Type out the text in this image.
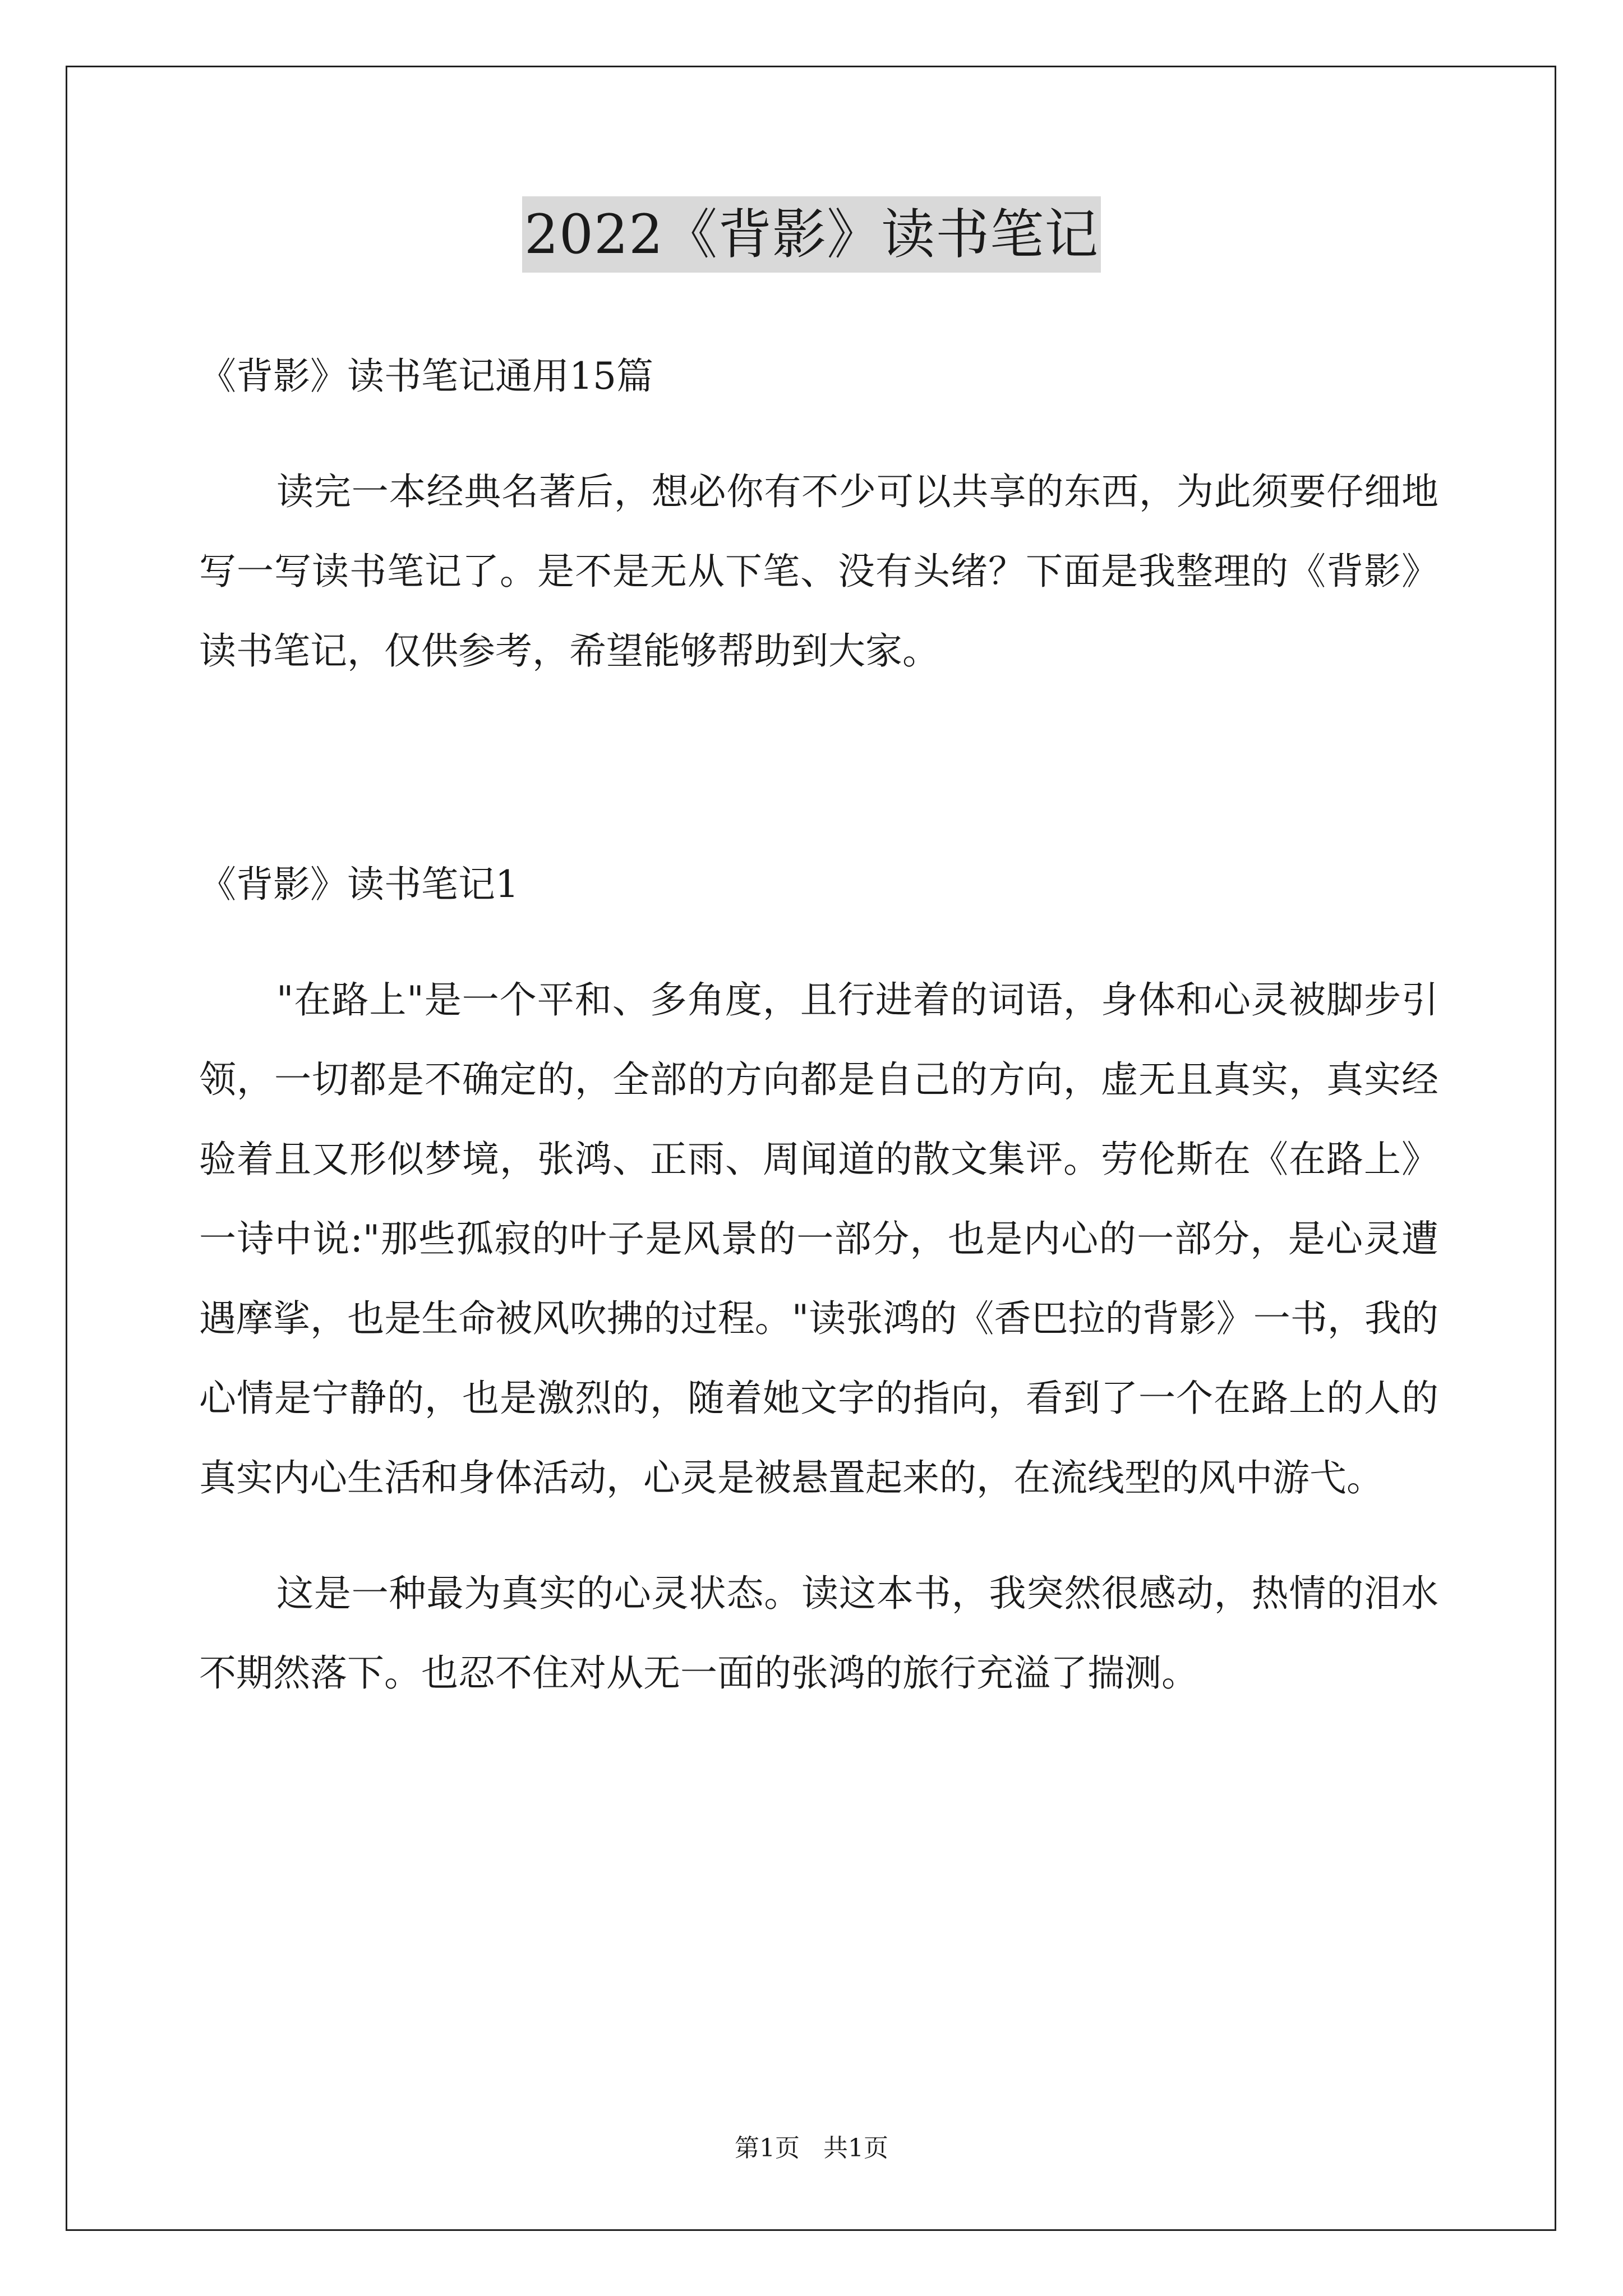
2022《背影》读书笔记

《背影》读书笔记通用15篇

读完一本经典名著后，想必你有不少可以共享的东西，为此须要仔细地写一写读书笔记了。是不是无从下笔、没有头绪？下面是我整理的《背影》读书笔记，仅供参考，希望能够帮助到大家。

《背影》读书笔记1

"在路上"是一个平和、多角度，且行进着的词语，身体和心灵被脚步引领，一切都是不确定的，全部的方向都是自己的方向，虚无且真实，真实经验着且又形似梦境，张鸿、正雨、周闻道的散文集评。劳伦斯在《在路上》一诗中说:"那些孤寂的叶子是风景的一部分，也是内心的一部分，是心灵遭遇摩挲，也是生命被风吹拂的过程。"读张鸿的《香巴拉的背影》一书，我的心情是宁静的，也是激烈的，随着她文字的指向，看到了一个在路上的人的真实内心生活和身体活动，心灵是被悬置起来的，在流线型的风中游弋。

这是一种最为真实的心灵状态。读这本书，我突然很感动，热情的泪水不期然落下。也忍不住对从无一面的张鸿的旅行充溢了揣测。

第1页   共1页
